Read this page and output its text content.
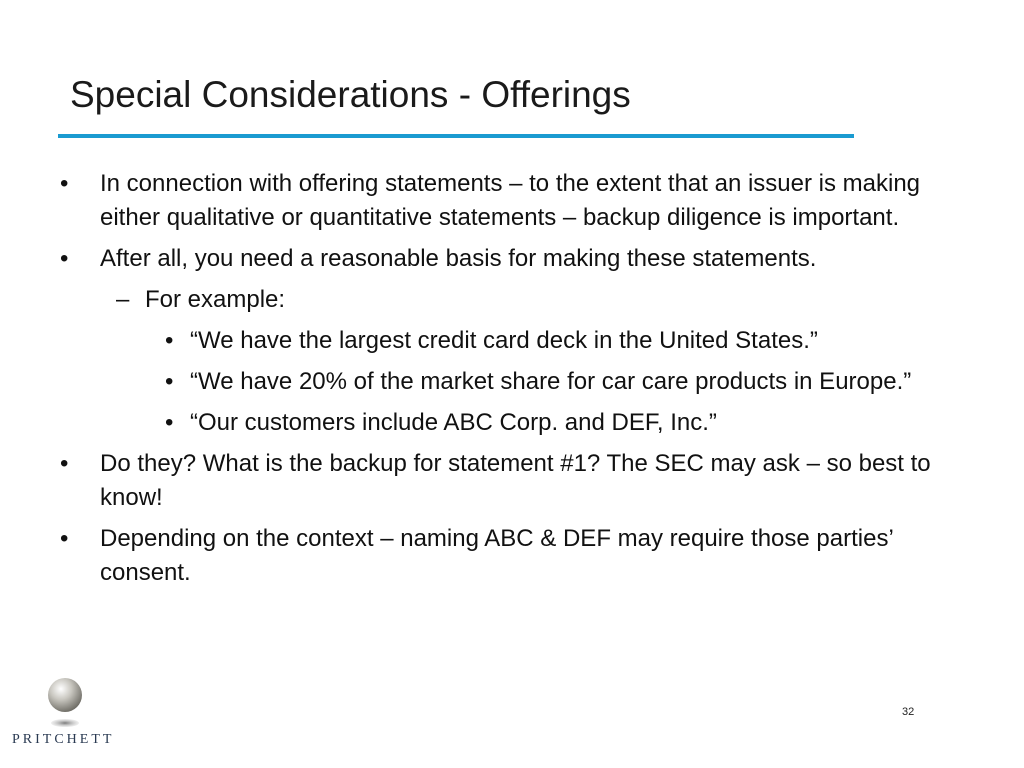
Special Considerations - Offerings
• In connection with offering statements – to the extent that an issuer is making either qualitative or quantitative statements – backup diligence is important.
• After all, you need a reasonable basis for making these statements.
– For example:
• “We have the largest credit card deck in the United States.”
• “We have 20% of the market share for car care products in Europe.”
• “Our customers include ABC Corp. and DEF, Inc.”
• Do they? What is the backup for statement #1? The SEC may ask – so best to know!
• Depending on the context – naming ABC & DEF may require those parties’ consent.
32
PRITCHETT
